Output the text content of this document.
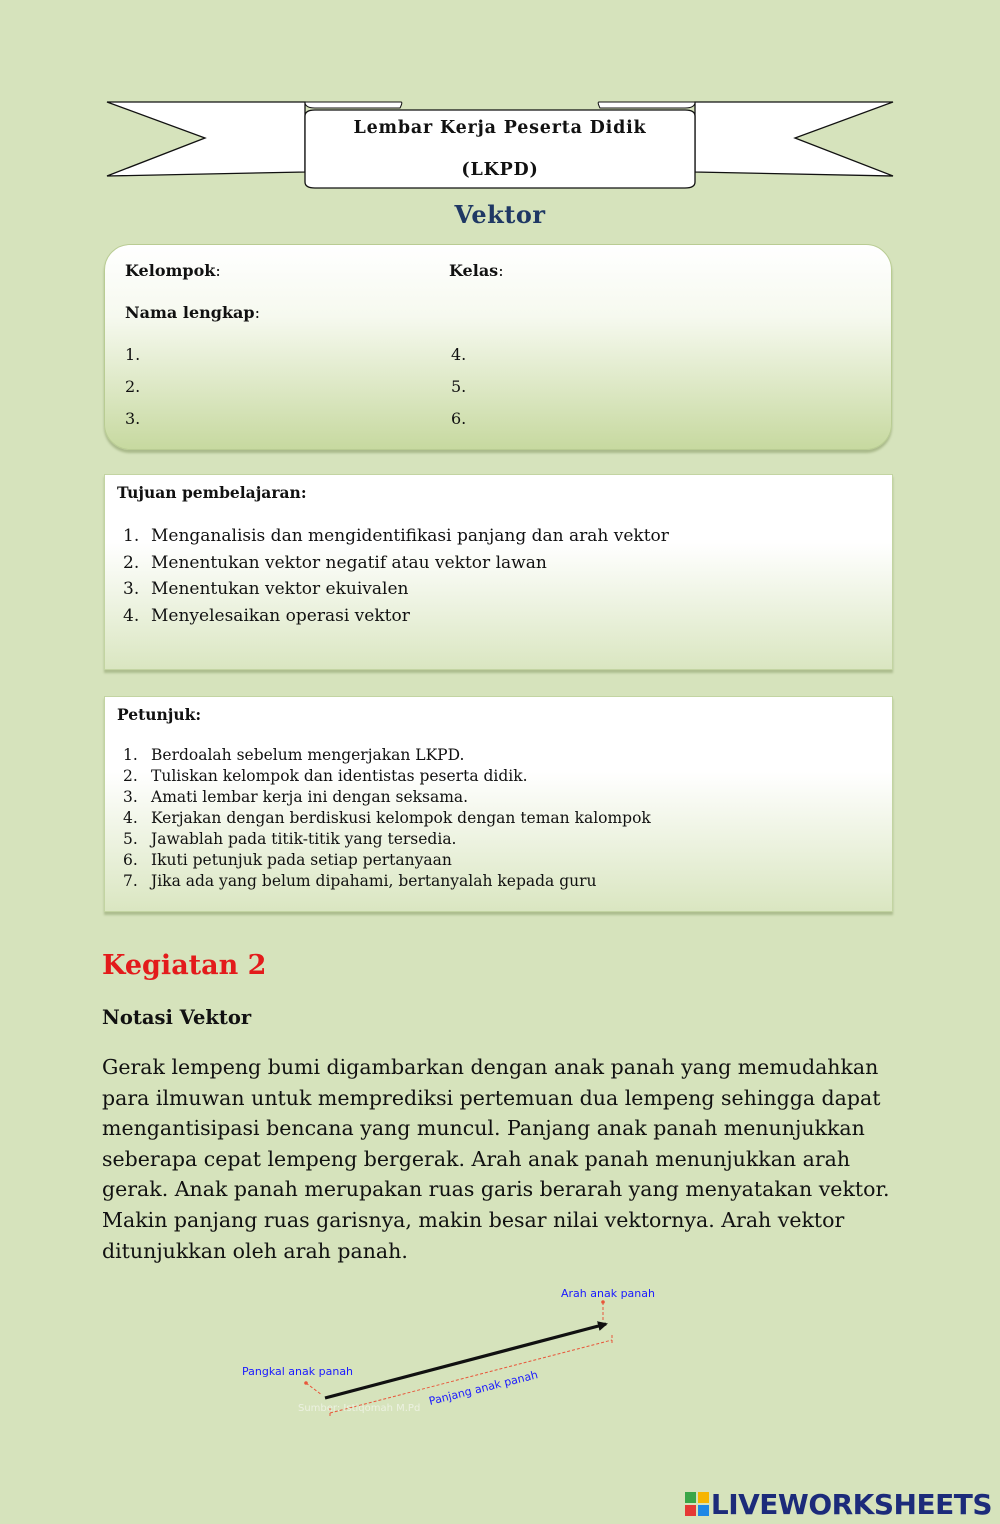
Lembar Kerja Peserta Didik
(LKPD)
Vektor
Kelompok:	Kelas:
Nama lengkap:
1.
2.
3.
4.
5.
6.
Tujuan pembelajaran:
1. Menganalisis dan mengidentifikasi panjang dan arah vektor
2. Menentukan vektor negatif atau vektor lawan
3. Menentukan vektor ekuivalen
4. Menyelesaikan operasi vektor
Petunjuk:
1. Berdoalah sebelum mengerjakan LKPD.
2. Tuliskan kelompok dan identistas peserta didik.
3. Amati lembar kerja ini dengan seksama.
4. Kerjakan dengan berdiskusi kelompok dengan teman kalompok
5. Jawablah pada titik-titik yang tersedia.
6. Ikuti petunjuk pada setiap pertanyaan
7. Jika ada yang belum dipahami, bertanyalah kepada guru
Kegiatan 2
Notasi Vektor

Gerak lempeng bumi digambarkan dengan anak panah yang memudahkan para ilmuwan untuk memprediksi pertemuan dua lempeng sehingga dapat mengantisipasi bencana yang muncul. Panjang anak panah menunjukkan seberapa cepat lempeng bergerak. Arah anak panah menunjukkan arah gerak. Anak panah merupakan ruas garis berarah yang menyatakan vektor. Makin panjang ruas garisnya, makin besar nilai vektornya. Arah vektor ditunjukkan oleh arah panah.

Arah anak panah
Pangkal anak panah	Panjang anak panah
Sumber: Istiqomah M.Pd
LIVEWORKSHEETS
